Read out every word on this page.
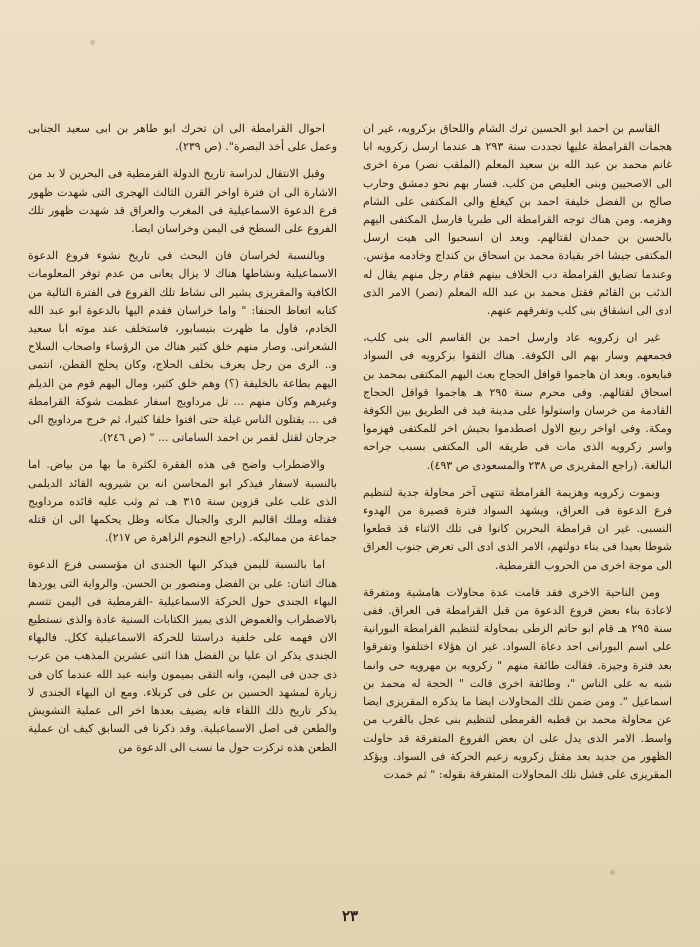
القاسم بن احمد ابو الحسين ترك الشام واللحاق بزكرويه، غير ان هجمات القرامطة عليها تجددت سنة ٢٩٣ هـ عندما ارسل زكرويه ابا غانم محمد بن عبد الله بن سعيد المعلم (الملقب نصر) مرة اخرى الى الاصحيين وبنى العليص من كلب. فسار بهم نحو دمشق وحارب صالح بن الفضل خليفة احمد بن كيغلغ والى المكتفى على الشام وهزمه. ومن هناك توجه القرامطة الى طبريا فارسل المكتفى اليهم بالحسن بن حمدان لقتالهم. وبعد ان انسحبوا الى هيت ارسل المكتفى جيشا اخر بقيادة محمد بن اسحاق بن كنداج وخادمه مؤنس. وعندما تضايق القرامطة دب الخلاف بينهم فقام رجل منهم يقال له الذئب بن القائم فقتل محمد بن عبد الله المعلم (نصر) الامر الذى ادى الى انشقاق بنى كلب وتفرقهم عنهم.

غير ان زكرويه عاد وارسل احمد بن القاسم الى بنى كلب، فجمعهم وسار بهم الى الكوفة. هناك التقوا بزكرويه فى السواد فبايعوه. وبعد ان هاجموا قوافل الحجاج بعث اليهم المكتفى بمحمد بن اسحاق لقتالهم. وفى محرم سنة ٢٩٥ هـ هاجموا قوافل الحجاج القادمة من خرسان واستولوا على مدينة فيد فى الطريق بين الكوفة ومكة. وفى اواخر ربيع الاول اصطدموا بجيش اخر للمكتفى فهزموا واسر زكرويه الذى مات فى طريقه الى المكتفى بسبب جراحه البالغة. (راجع المقريزى ص ٢٣٨ والمسعودى ص ٤٩٣).

وبموت زكرويه وهزيمة القرامطة تنتهى آخر محاولة جدية لتنظيم فرع الدعوة فى العراق، ويشهد السواد فترة قصيرة من الهدوء النسبى. غير ان قرامطة البحرين كانوا فى تلك الاثناء قد قطعوا شوطا بعيدا فى بناء دولتهم، الامر الذى ادى الى تعرض جنوب العراق الى موجة اخرى من الحروب القرمطية.

ومن الناحية الاخرى فقد قامت عدة محاولات هامشية ومتفرقة لاعادة بناء بعض فروع الدعوة من قبل القرامطة فى العراق. ففى سنة ٢٩٥ هـ قام ابو حاتم الزطى بمحاولة لتنظيم القرامطة البورانية على اسم البورانى احد دعاة السواد. غير ان هؤلاء اختلفوا وتفرقوا بعد فترة وجيزة. فقالت طائفة منهم " زكرويه بن مهرويه حى وانما شبه به على الناس "، وطائفة اخرى قالت " الحجة له محمد بن اسماعيل ". ومن ضمن تلك المحاولات ايضا ما يذكره المقريزى ايضا عن محاولة محمد بن قطبه القرمطى لتنظيم بنى عجل بالقرب من واسط. الامر الذى يدل على ان بعض الفروع المتفرقة قد حاولت الظهور من جديد بعد مقتل زكرويه زعيم الحركة فى السواد. ويؤكد المقريزى على فشل تلك المحاولات المتفرقة بقوله: " ثم خمدت

احوال القرامطة الى ان تحرك ابو طاهر بن ابى سعيد الجنابى وعمل على أخذ البصرة". (ص ٢٣٩).

وقبل الانتقال لدراسة تاريخ الدولة القرمطية فى البحرين لا بد من الاشارة الى ان فترة اواخر القرن الثالث الهجرى التى شهدت ظهور فرع الدعوة الاسماعيلية فى المغرب والعراق قد شهدت ظهور تلك الفروع على السطح فى اليمن وخراسان ايضا.

وبالنسبة لخراسان فان البحث فى تاريخ نشوء فروع الدعوة الاسماعيلية ونشاطها هناك لا يزال يعانى من عدم توفر المعلومات الكافية والمقريزى يشير الى نشاط تلك الفروع فى الفترة التالية من كتابه اتعاظ الحنفا: " واما خراسان فقدم اليها بالدعوة ابو عبد الله الخادم، فاول ما ظهرت بنيسابور، فاستخلف عند موته ابا سعيد الشعرانى. وصار منهم خلق كثير هناك من الرؤساء واصحاب السلاح و.. الرى من رجل يعرف بخلف الحلاج، وكان يحلج القطن، انتمى اليهم بطاعة بالخليفة (؟) وهم خلق كثير، ومال اليهم قوم من الديلم وغيرهم وكان منهم ... تل مرداويج اسفار عظمت شوكة القرامطة فى ... يقتلون الناس غيلة حتى افنوا خلقا كثيرا، ثم خرج مرداويج الى جرجان لقتل لقمر بن احمد الساماتى ... " (ص ٢٤٦).

والاضطراب واضح فى هذه الفقرة لكثرة ما بها من بياض. اما بالنسبة لاسفار فيذكر ابو المحاسن انه بن شيرويه القائد الديلمى الذى غلب على قزوين سنة ٣١٥ هـ، ثم وثب عليه قائده مرداويج فقتله وملك اقاليم الرى والجبال مكانه وظل يحكمها الى ان قتله جماعة من مماليكه. (راجع النجوم الزاهرة ص ٢١٧).

اما بالنسبة لليمن فيذكر البها الجندى ان مؤسسى فرع الدعوة هناك اثنان: على بن الفضل ومنصور بن الحسن. والرواية التى يوردها البهاء الجندى حول الحركة الاسماعيلية -القرمطية فى اليمن تتسم بالاضطراب والغموض الذى يميز الكتابات السنية عادة والذى نستطيع الان فهمه على خلفية دراستنا للحركة الاسماعيلية ككل. فالبهاء الجندى يذكر ان عليا بن الفضل هذا اثنى عشرين المذهب من عرب ذى جدن فى اليمن، وانه التقى بميمون وابنه عبد الله عندما كان فى زيارة لمشهد الحسين بن على فى كربلاء. ومع ان البهاء الجندى لا يذكر تاريخ ذلك اللقاء فانه يضيف بعدها اخر الى عملية التشويش والطعن فى اصل الاسماعيلية. وقد ذكرنا فى السابق كيف ان عملية الطعن هذه تركزت حول ما نسب الى الدعوة من

٢٣
